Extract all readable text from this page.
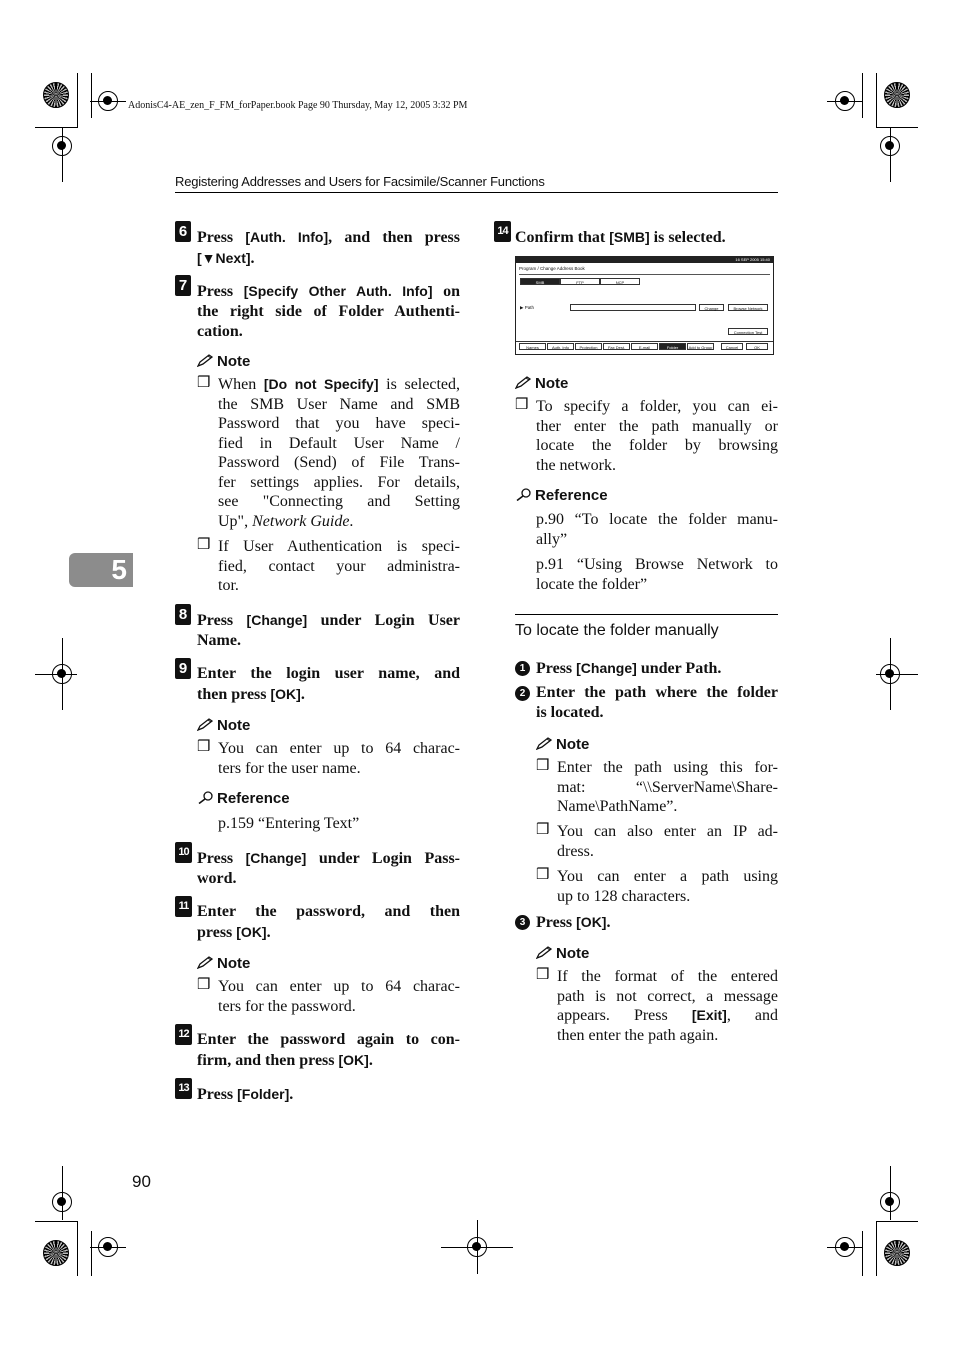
AdonisC4-AE_zen_F_FM_forPaper.book Page 90 Thursday, May 12, 2005 3:32 PM
Registering Addresses and Users for Facsimile/Scanner Functions
5
6 Press [Auth. Info], and then press
[▼Next].
7 Press [Specify Other Auth. Info] on
the right side of Folder Authenti-
cation.
Note
❒ When [Do not Specify] is selected,
the SMB User Name and SMB
Password that you have speci-
fied in Default User Name /
Password (Send) of File Trans-
fer settings applies. For details,
see "Connecting and Setting
Up", Network Guide.
❒ If User Authentication is speci-
fied, contact your administra-
tor.
8 Press [Change] under Login User
Name.
9 Enter the login user name, and
then press [OK].
Note
❒ You can enter up to 64 charac-
ters for the user name.
Reference
p.159 “Entering Text”
10 Press [Change] under Login Pass-
word.
11 Enter the password, and then
press [OK].
Note
❒ You can enter up to 64 charac-
ters for the password.
12 Enter the password again to con-
firm, and then press [OK].
13 Press [Folder].
14 Confirm that [SMB] is selected.
16 SEP 2005 15:40
Program / Change Address Book
SMB	FTP	NCP
▶ Path	Change	Browse Network
Connection Test
Names	Auth. Info	Protection	Fax Dest.	E-mail	Folder	Add to Group	Cancel	OK
Note
❒ To specify a folder, you can ei-
ther enter the path manually or
locate the folder by browsing
the network.
Reference
p.90 “To locate the folder manu-
ally”
p.91 “Using Browse Network to
locate the folder”
To locate the folder manually
1 Press [Change] under Path.
2 Enter the path where the folder
is located.
Note
❒ Enter the path using this for-
mat: “\\ServerName\Share-
Name\PathName”.
❒ You can also enter an IP ad-
dress.
❒ You can enter a path using
up to 128 characters.
3 Press [OK].
Note
❒ If the format of the entered
path is not correct, a message
appears. Press [Exit], and
then enter the path again.
90
